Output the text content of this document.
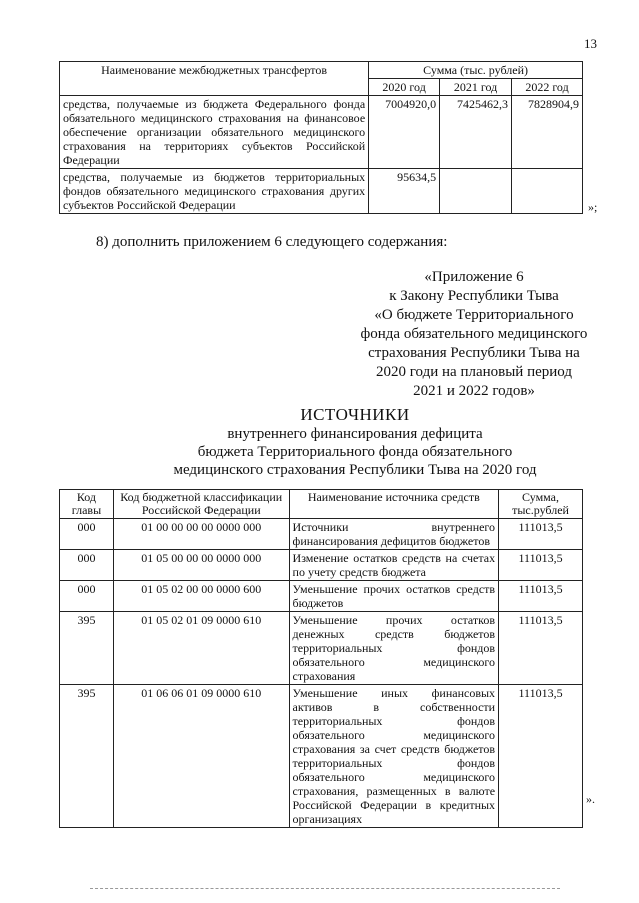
13
Наименование межбюджетных трансфертов	Сумма (тыс. рублей)		
	2020 год	2021 год	2022 год
средства, получаемые из бюджета Федерального фонда обязательного медицинского страхования на финансовое обеспечение организации обязательного медицинского страхования на территориях субъектов Российской Федерации	7004920,0	7425462,3	7828904,9
средства, получаемые из бюджетов территориальных фондов обязательного медицинского страхования других субъектов Российской Федерации	95634,5		
»;
8) дополнить приложением 6 следующего содержания:
«Приложение 6
к Закону Республики Тыва
«О бюджете Территориального
фонда обязательного медицинского
страхования Республики Тыва на
2020 годи на плановый период
2021 и 2022 годов»
ИСТОЧНИКИ
внутреннего финансирования дефицита
бюджета Территориального фонда обязательного
медицинского страхования Республики Тыва на 2020 год
Код главы	Код бюджетной классификации Российской Федерации	Наименование источника средств	Сумма, тыс.рублей
000	01 00 00 00 00 0000 000	Источники внутреннего финансирования дефицитов бюджетов	111013,5
000	01 05 00 00 00 0000 000	Изменение остатков средств на счетах по учету средств бюджета	111013,5
000	01 05 02 00 00 0000 600	Уменьшение прочих остатков средств бюджетов	111013,5
395	01 05 02 01 09 0000 610	Уменьшение прочих остатков денежных средств бюджетов территориальных фондов обязательного медицинского страхования	111013,5
395	01 06 06 01 09 0000 610	Уменьшение иных финансовых активов в собственности территориальных фондов обязательного медицинского страхования за счет средств бюджетов территориальных фондов обязательного медицинского страхования, размещенных в валюте Российской Федерации в кредитных организациях	111013,5
».
